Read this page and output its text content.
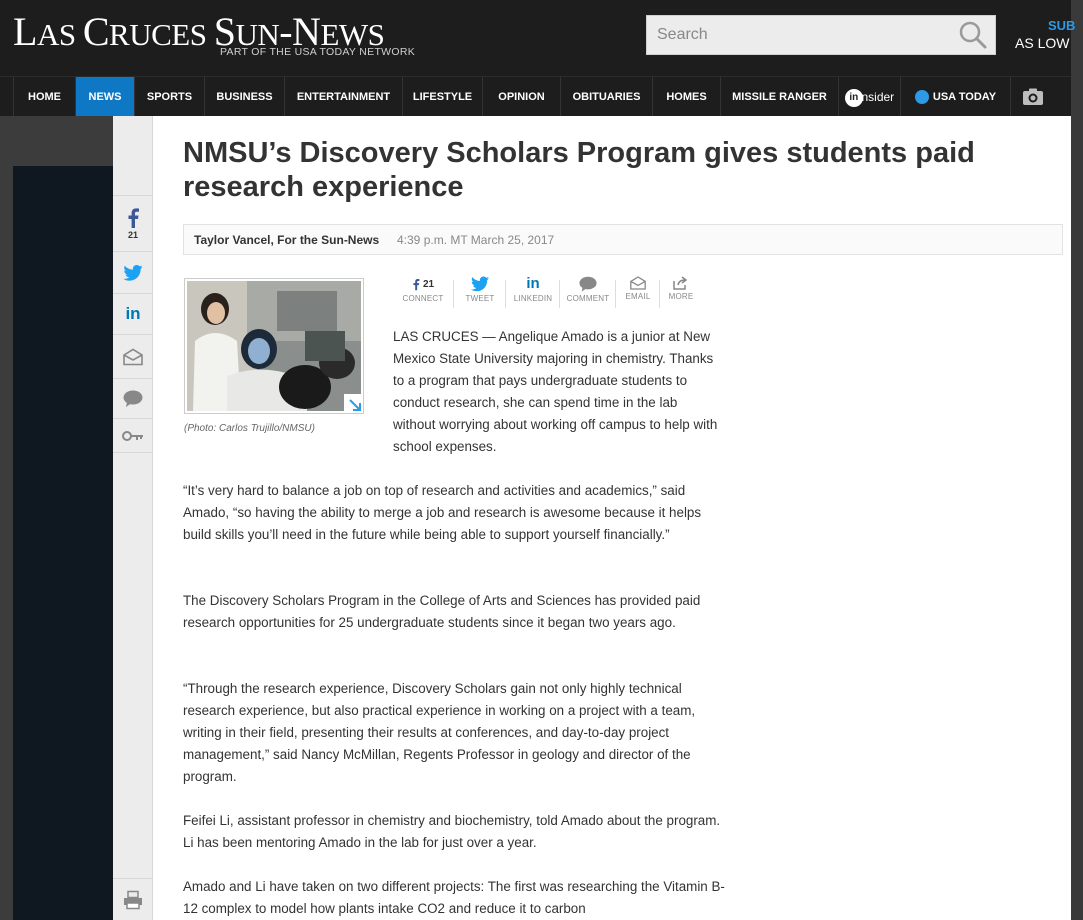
LAS CRUCES SUN-NEWS
PART OF THE USA TODAY NETWORK
Search
SUB
AS LOW
HOME	NEWS	SPORTS	BUSINESS	ENTERTAINMENT	LIFESTYLE	OPINION	OBITUARIES	HOMES	MISSILE RANGER	ininsider	USA TODAY
21
in
NMSU’s Discovery Scholars Program gives students paid research experience
Taylor Vancel, For the Sun-News 4:39 p.m. MT March 25, 2017
(Photo: Carlos Trujillo/NMSU)
21
CONNECT	TWEET
in
LINKEDIN COMMENT EMAIL MORE

LAS CRUCES — Angelique Amado is a junior at New Mexico State University majoring in chemistry. Thanks to a program that pays undergraduate students to conduct research, she can spend time in the lab without worrying about working off campus to help with school expenses.

“It’s very hard to balance a job on top of research and activities and academics,” said Amado, “so having the ability to merge a job and research is awesome because it helps build skills you’ll need in the future while being able to support yourself financially.”

The Discovery Scholars Program in the College of Arts and Sciences has provided paid research opportunities for 25 undergraduate students since it began two years ago.

“Through the research experience, Discovery Scholars gain not only highly technical research experience, but also practical experience in working on a project with a team, writing in their field, presenting their results at conferences, and day-to-day project management,” said Nancy McMillan, Regents Professor in geology and director of the program.

Feifei Li, assistant professor in chemistry and biochemistry, told Amado about the program. Li has been mentoring Amado in the lab for just over a year.

Amado and Li have taken on two different projects: The first was researching the Vitamin B-12 complex to model how plants intake CO2 and reduce it to carbon
